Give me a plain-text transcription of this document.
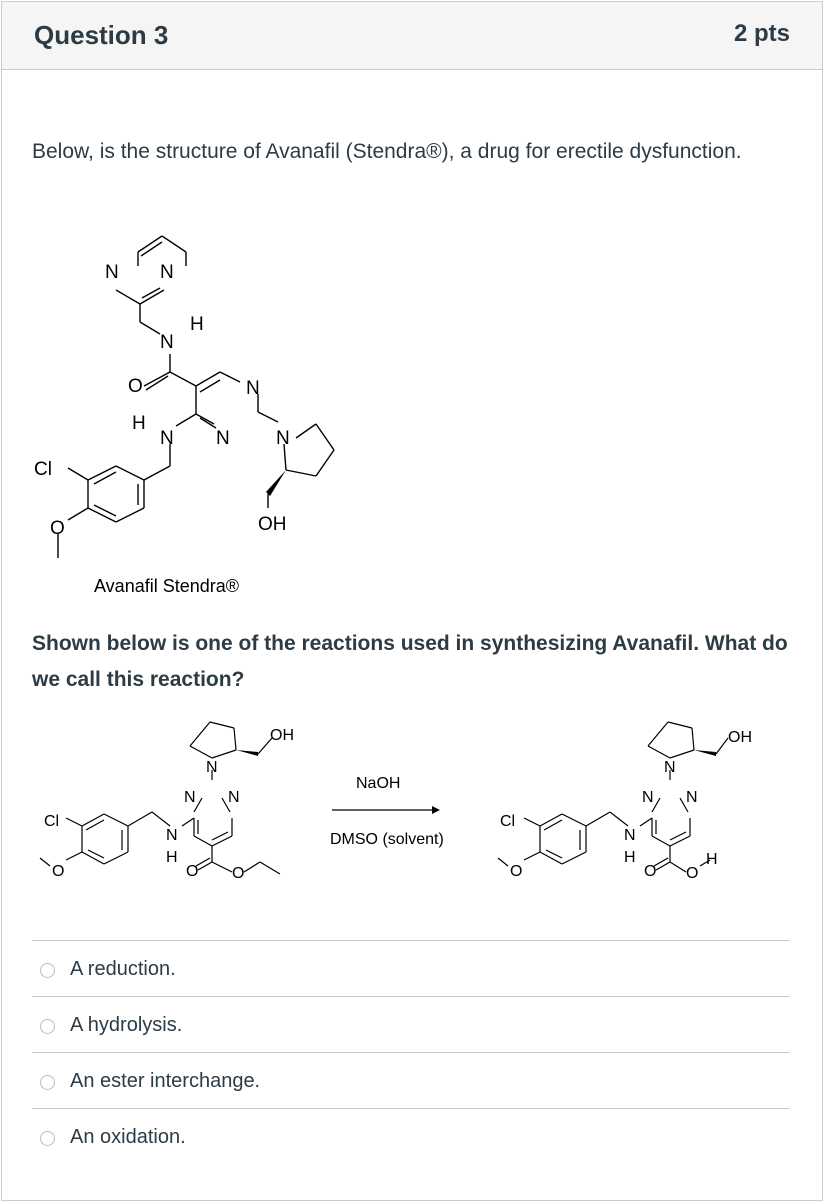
Question 3	2 pts
Below, is the structure of Avanafil (Stendra®), a drug for erectile dysfunction.
N N
N
H
O	N
N
N
H
N
OH
Cl
O
Avanafil Stendra®
Shown below is one of the reactions used in synthesizing Avanafil. What do we call this reaction?
OH
N
N N
N
H
O O
Cl
O
OH
N
N N
N
H
O O
H
Cl
O
NaOH
DMSO (solvent)
A reduction.
A hydrolysis.
An ester interchange.
An oxidation.
